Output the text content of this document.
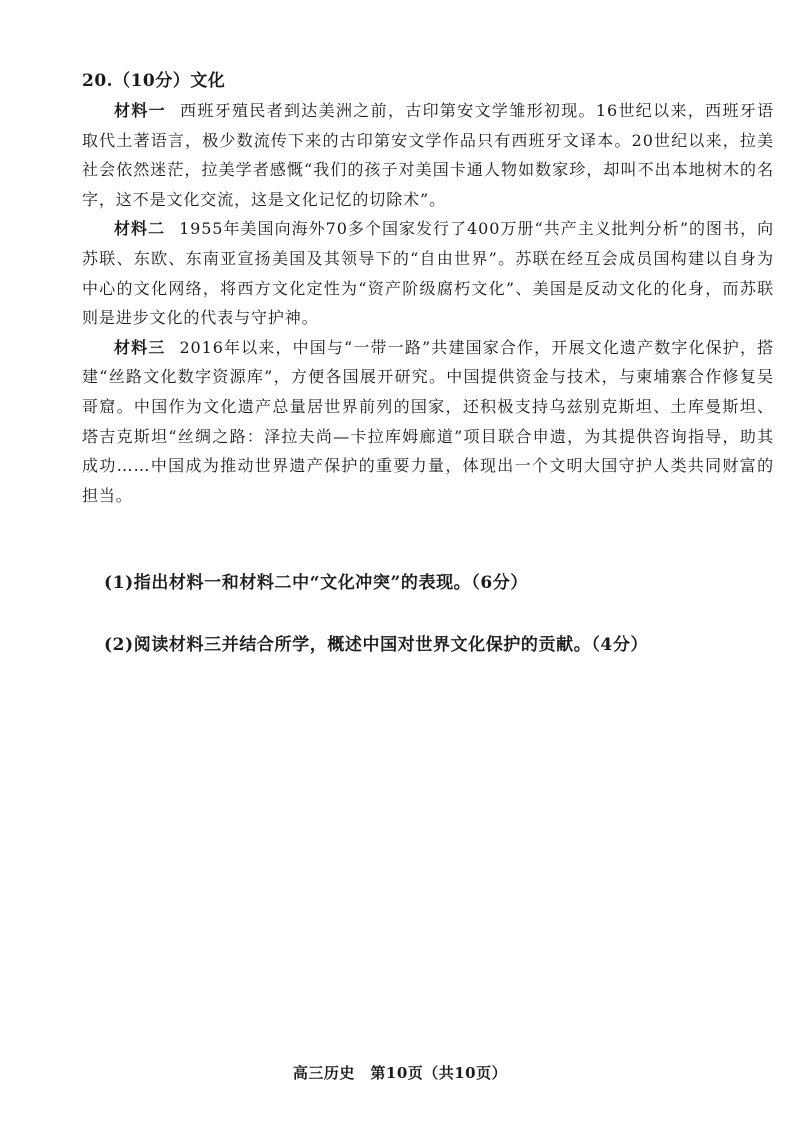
20.（10分）文化

材料一 西班牙殖民者到达美洲之前，古印第安文学雏形初现。16世纪以来，西班牙语取代土著语言，极少数流传下来的古印第安文学作品只有西班牙文译本。20世纪以来，拉美社会依然迷茫，拉美学者感慨“我们的孩子对美国卡通人物如数家珍，却叫不出本地树木的名字，这不是文化交流，这是文化记忆的切除术”。

材料二 1955年美国向海外70多个国家发行了400万册“共产主义批判分析”的图书，向苏联、东欧、东南亚宣扬美国及其领导下的“自由世界”。苏联在经互会成员国构建以自身为中心的文化网络，将西方文化定性为“资产阶级腐朽文化”、美国是反动文化的化身，而苏联则是进步文化的代表与守护神。

材料三 2016年以来，中国与“一带一路”共建国家合作，开展文化遗产数字化保护，搭建“丝路文化数字资源库”，方便各国展开研究。中国提供资金与技术，与柬埔寨合作修复吴哥窟。中国作为文化遗产总量居世界前列的国家，还积极支持乌兹别克斯坦、土库曼斯坦、塔吉克斯坦“丝绸之路：泽拉夫尚—卡拉库姆廊道”项目联合申遗，为其提供咨询指导，助其成功……中国成为推动世界遗产保护的重要力量，体现出一个文明大国守护人类共同财富的担当。

(1)指出材料一和材料二中“文化冲突”的表现。（6分）
(2)阅读材料三并结合所学，概述中国对世界文化保护的贡献。（4分）
高三历史　第10页（共10页）
